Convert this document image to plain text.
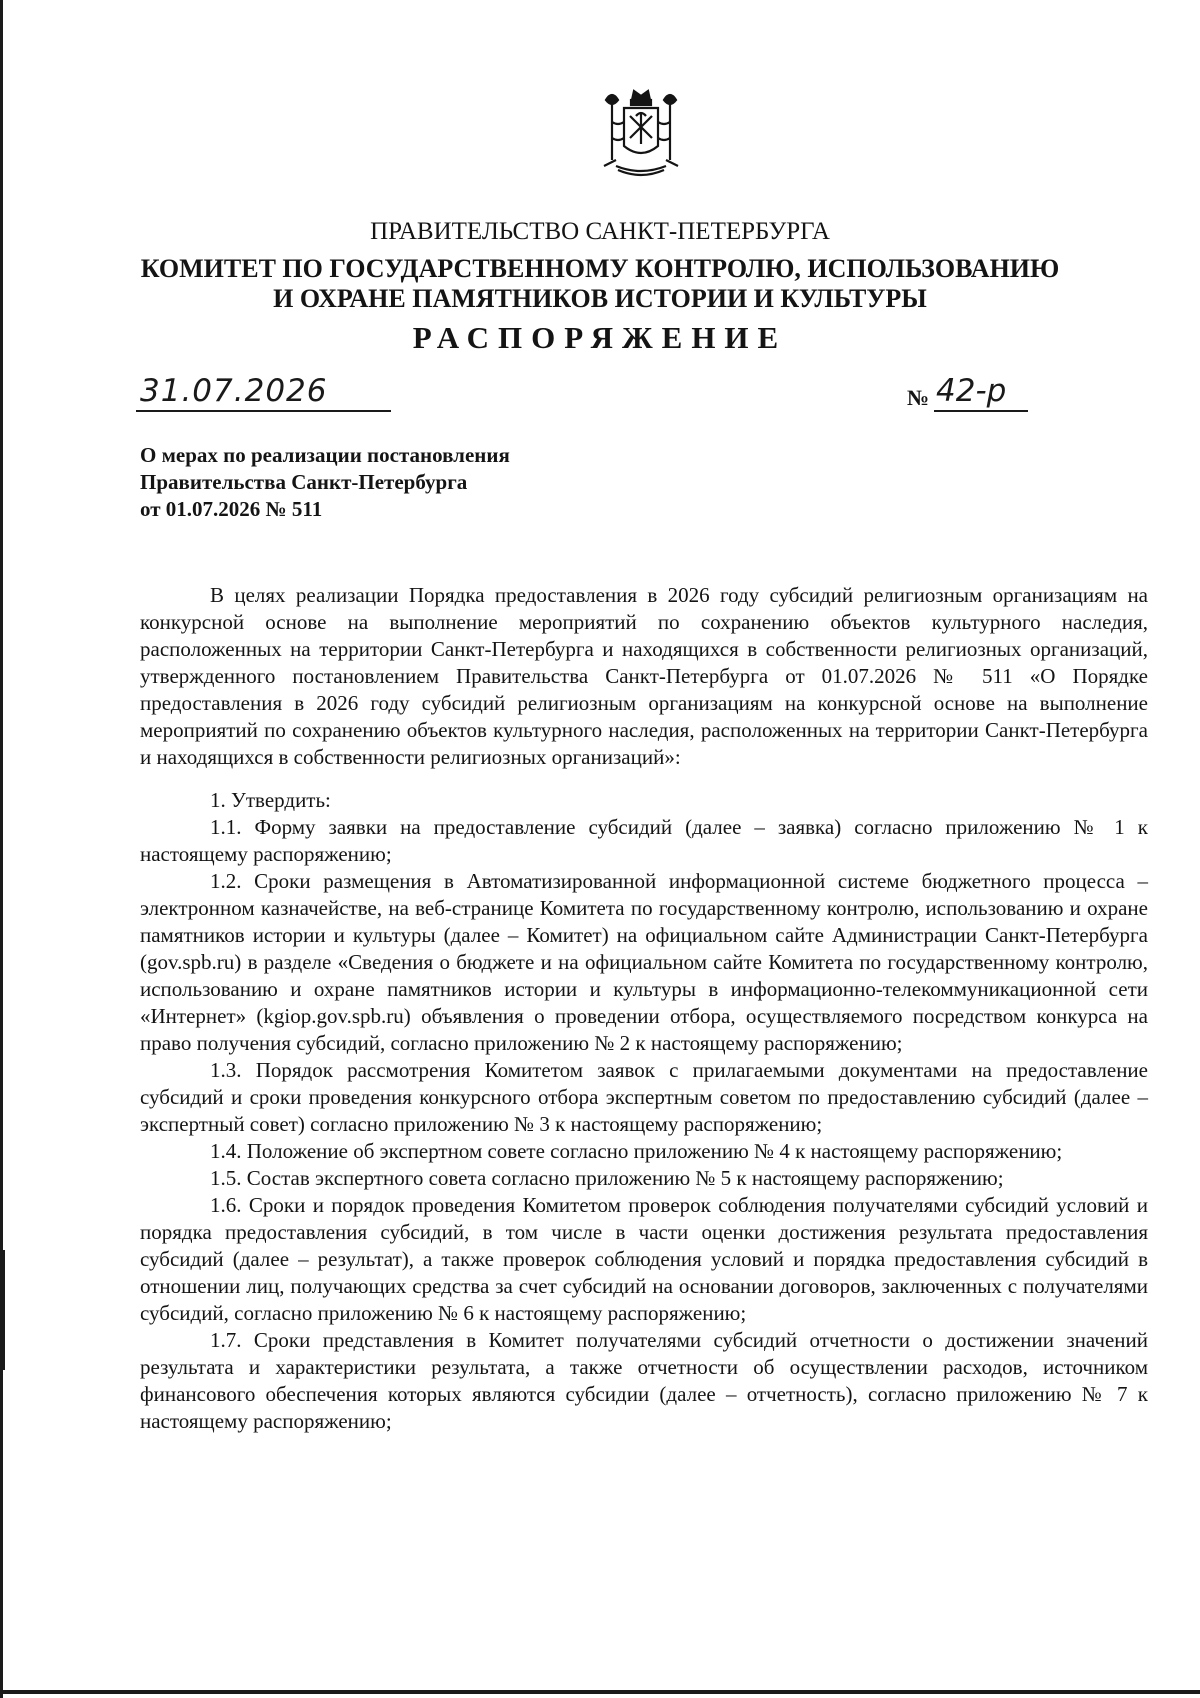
ПРАВИТЕЛЬСТВО САНКТ-ПЕТЕРБУРГА
КОМИТЕТ ПО ГОСУДАРСТВЕННОМУ КОНТРОЛЮ, ИСПОЛЬЗОВАНИЮ
И ОХРАНЕ ПАМЯТНИКОВ ИСТОРИИ И КУЛЬТУРЫ
РАСПОРЯЖЕНИЕ
31.07.2026	№ 42-р
О мерах по реализации постановления
Правительства Санкт-Петербурга
от 01.07.2026 № 511

В целях реализации Порядка предоставления в 2026 году субсидий религиозным организациям на конкурсной основе на выполнение мероприятий по сохранению объектов культурного наследия, расположенных на территории Санкт-Петербурга и находящихся в собственности религиозных организаций, утвержденного постановлением Правительства Санкт-Петербурга от 01.07.2026 № 511 «О Порядке предоставления в 2026 году субсидий религиозным организациям на конкурсной основе на выполнение мероприятий по сохранению объектов культурного наследия, расположенных на территории Санкт-Петербурга и находящихся в собственности религиозных организаций»:

1. Утвердить:

1.1. Форму заявки на предоставление субсидий (далее – заявка) согласно приложению № 1 к настоящему распоряжению;

1.2. Сроки размещения в Автоматизированной информационной системе бюджетного процесса – электронном казначействе, на веб-странице Комитета по государственному контролю, использованию и охране памятников истории и культуры (далее – Комитет) на официальном сайте Администрации Санкт-Петербурга (gov.spb.ru) в разделе «Сведения о бюджете и на официальном сайте Комитета по государственному контролю, использованию и охране памятников истории и культуры в информационно-телекоммуникационной сети «Интернет» (kgiop.gov.spb.ru) объявления о проведении отбора, осуществляемого посредством конкурса на право получения субсидий, согласно приложению № 2 к настоящему распоряжению;

1.3. Порядок рассмотрения Комитетом заявок с прилагаемыми документами на предоставление субсидий и сроки проведения конкурсного отбора экспертным советом по предоставлению субсидий (далее – экспертный совет) согласно приложению № 3 к настоящему распоряжению;

1.4. Положение об экспертном совете согласно приложению № 4 к настоящему распоряжению;

1.5. Состав экспертного совета согласно приложению № 5 к настоящему распоряжению;

1.6. Сроки и порядок проведения Комитетом проверок соблюдения получателями субсидий условий и порядка предоставления субсидий, в том числе в части оценки достижения результата предоставления субсидий (далее – результат), а также проверок соблюдения условий и порядка предоставления субсидий в отношении лиц, получающих средства за счет субсидий на основании договоров, заключенных с получателями субсидий, согласно приложению № 6 к настоящему распоряжению;

1.7. Сроки представления в Комитет получателями субсидий отчетности о достижении значений результата и характеристики результата, а также отчетности об осуществлении расходов, источником финансового обеспечения которых являются субсидии (далее – отчетность), согласно приложению № 7 к настоящему распоряжению;
